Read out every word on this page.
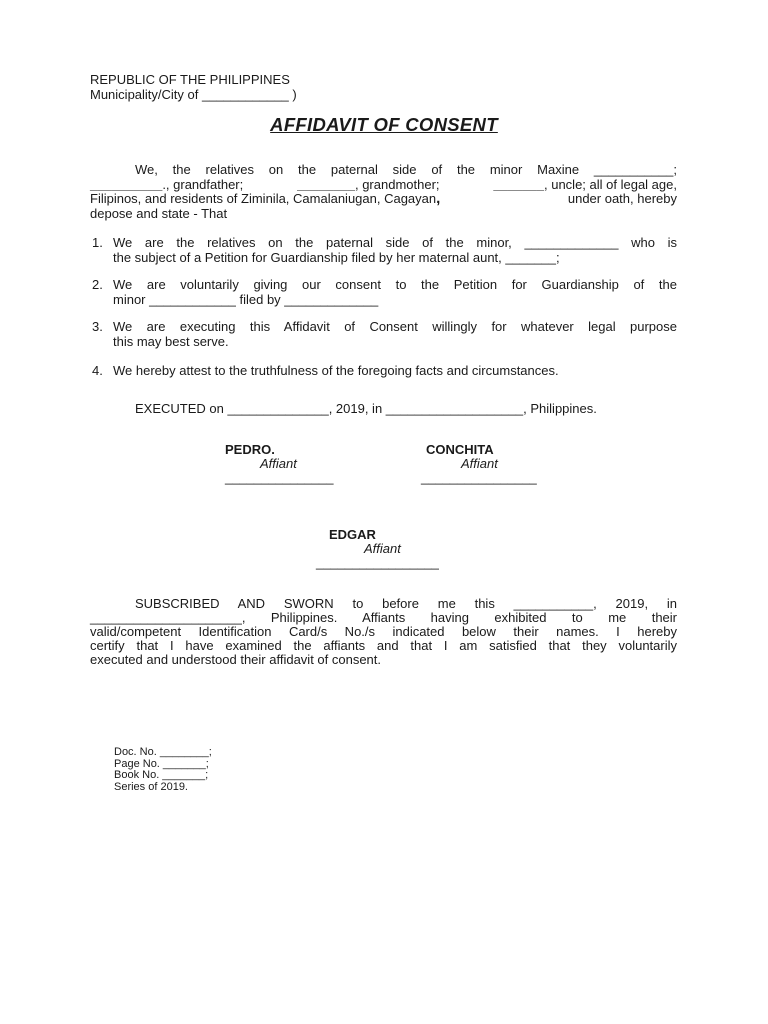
REPUBLIC OF THE PHILIPPINES
Municipality/City of ____________ )
AFFIDAVIT OF CONSENT
We, the relatives on the paternal side of the minor Maxine ___________;
__________., grandfather;	________, grandmother;	_______, uncle; all of legal age,
Filipinos, and residents of Ziminila, Camalaniugan, Cagayan,	under oath, hereby
depose and state - That
1. We are the relatives on the paternal side of the minor, _____________ who is
the subject of a Petition for Guardianship filed by her maternal aunt, _______;
2. We are voluntarily giving our consent to the Petition for Guardianship of the
minor ____________ filed by _____________
3. We are executing this Affidavit of Consent willingly for whatever legal purpose
this may best serve.
4. We hereby attest to the truthfulness of the foregoing facts and circumstances.
EXECUTED on ______________, 2019, in ___________________, Philippines.
PEDRO.
Affiant
_______________
CONCHITA
Affiant
________________
EDGAR
Affiant
_________________
SUBSCRIBED AND SWORN to before me this ___________, 2019, in
_____________________, Philippines. Affiants having exhibited to me their
valid/competent Identification Card/s No./s indicated below their names. I hereby
certify that I have examined the affiants and that I am satisfied that they voluntarily
executed and understood their affidavit of consent.
Doc. No. ________;
Page No. _______;
Book No. _______;
Series of 2019.
